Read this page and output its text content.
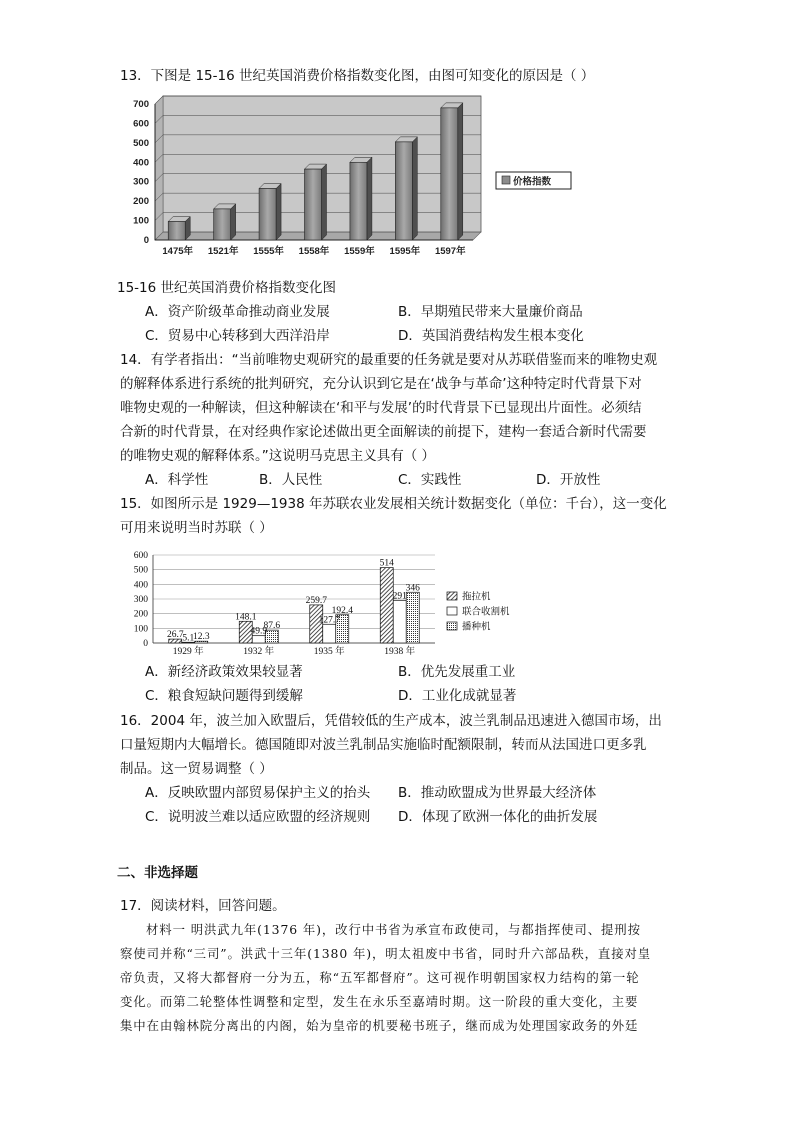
13．下图是 15-16 世纪英国消费价格指数变化图，由图可知变化的原因是（ ）
0
100
200
300
400
500
600
700
1475年 1521年 1555年 1558年 1559年 1595年 1597年
价格指数
15-16 世纪英国消费价格指数变化图
A．资产阶级革命推动商业发展	B．早期殖民带来大量廉价商品
C．贸易中心转移到大西洋沿岸	D．英国消费结构发生根本变化
14．有学者指出：“当前唯物史观研究的最重要的任务就是要对从苏联借鉴而来的唯物史观
的解释体系进行系统的批判研究，充分认识到它是在‘战争与革命’这种特定时代背景下对
唯物史观的一种解读，但这种解读在‘和平与发展’的时代背景下已显现出片面性。必须结
合新的时代背景，在对经典作家论述做出更全面解读的前提下，建构一套适合新时代需要
的唯物史观的解释体系。”这说明马克思主义具有（ ）
A．科学性	B．人民性	C．实践性	D．开放性
15．如图所示是 1929—1938 年苏联农业发展相关统计数据变化（单位：千台），这一变化
可用来说明当时苏联（ ）
0
100
200
300
400
500
600
26.7
5.1
12.3
148.1
49.9
87.6
259.7
127.7
192.4
514
291
346
1929 年	1932 年	1935 年	1938 年
拖拉机
联合收割机
播种机
A．新经济政策效果较显著	B．优先发展重工业
C．粮食短缺问题得到缓解	D．工业化成就显著
16．2004 年，波兰加入欧盟后，凭借较低的生产成本，波兰乳制品迅速进入德国市场，出
口量短期内大幅增长。德国随即对波兰乳制品实施临时配额限制，转而从法国进口更多乳
制品。这一贸易调整（ ）
A．反映欧盟内部贸易保护主义的抬头 B．推动欧盟成为世界最大经济体
C．说明波兰难以适应欧盟的经济规则 D．体现了欧洲一体化的曲折发展
二、非选择题
17．阅读材料，回答问题。
材料一 明洪武九年(1376 年)，改行中书省为承宣布政使司，与都指挥使司、提刑按
察使司并称“三司”。洪武十三年(1380 年)，明太祖废中书省，同时升六部品秩，直接对皇
帝负责，又将大都督府一分为五，称“五军都督府”。这可视作明朝国家权力结构的第一轮
变化。而第二轮整体性调整和定型，发生在永乐至嘉靖时期。这一阶段的重大变化，主要
集中在由翰林院分离出的内阁，始为皇帝的机要秘书班子，继而成为处理国家政务的外廷
